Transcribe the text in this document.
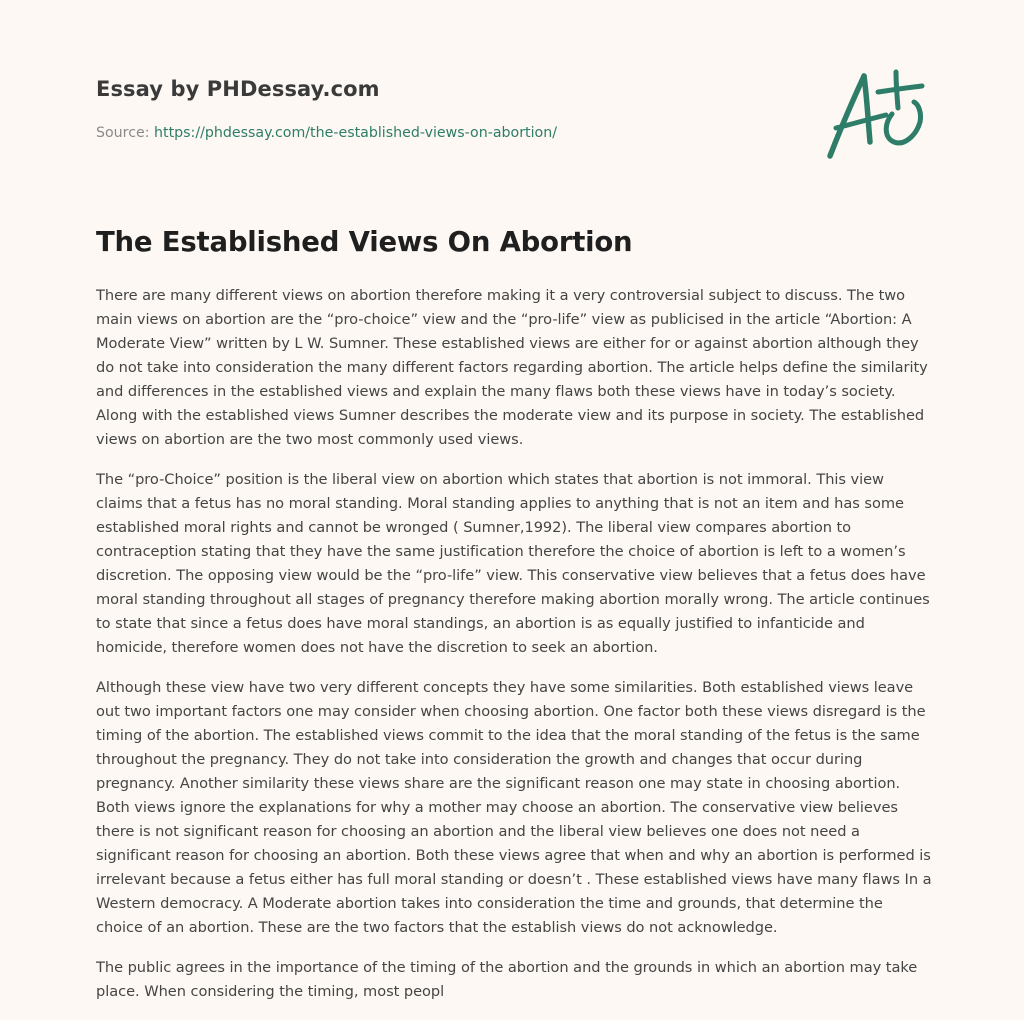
Essay by PHDessay.com
Source: https://phdessay.com/the-established-views-on-abortion/
The Established Views On Abortion

There are many different views on abortion therefore making it a very controversial subject to discuss. The two main views on abortion are the “pro-choice” view and the “pro-life” view as publicised in the article “Abortion: A Moderate View” written by L W. Sumner. These established views are either for or against abortion although they do not take into consideration the many different factors regarding abortion. The article helps define the similarity and differences in the established views and explain the many flaws both these views have in today’s society. Along with the established views Sumner describes the moderate view and its purpose in society. The established views on abortion are the two most commonly used views.

The “pro-Choice” position is the liberal view on abortion which states that abortion is not immoral. This view claims that a fetus has no moral standing. Moral standing applies to anything that is not an item and has some established moral rights and cannot be wronged ( Sumner,1992). The liberal view compares abortion to contraception stating that they have the same justification therefore the choice of abortion is left to a women’s discretion. The opposing view would be the “pro-life” view. This conservative view believes that a fetus does have moral standing throughout all stages of pregnancy therefore making abortion morally wrong. The article continues to state that since a fetus does have moral standings, an abortion is as equally justified to infanticide and homicide, therefore women does not have the discretion to seek an abortion.

Although these view have two very different concepts they have some similarities. Both established views leave out two important factors one may consider when choosing abortion. One factor both these views disregard is the timing of the abortion. The established views commit to the idea that the moral standing of the fetus is the same throughout the pregnancy. They do not take into consideration the growth and changes that occur during pregnancy. Another similarity these views share are the significant reason one may state in choosing abortion. Both views ignore the explanations for why a mother may choose an abortion. The conservative view believes there is not significant reason for choosing an abortion and the liberal view believes one does not need a significant reason for choosing an abortion. Both these views agree that when and why an abortion is performed is irrelevant because a fetus either has full moral standing or doesn’t . These established views have many flaws In a Western democracy. A Moderate abortion takes into consideration the time and grounds, that determine the choice of an abortion. These are the two factors that the establish views do not acknowledge.

The public agrees in the importance of the timing of the abortion and the grounds in which an abortion may take place. When considering the timing, most peopl
